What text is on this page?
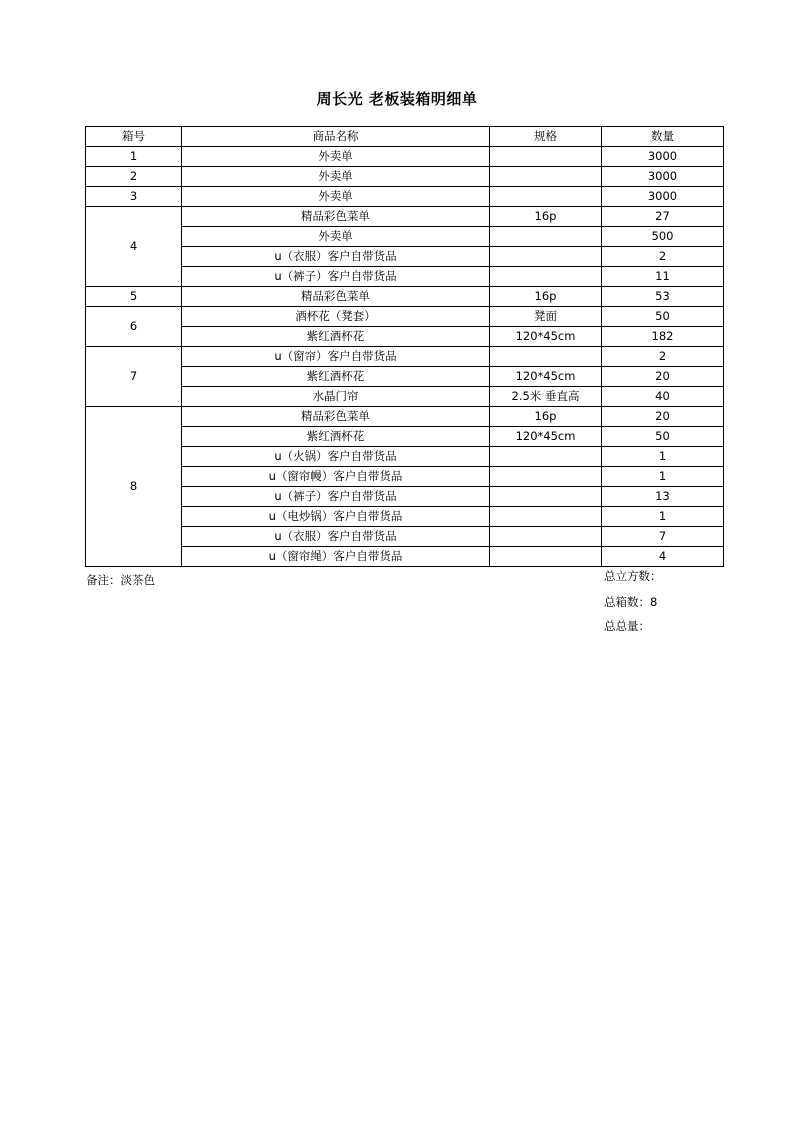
周长光 老板装箱明细单
箱号	商品名称	规格	数量
1	外卖单		3000
2	外卖单		3000
3	外卖单		3000
4	精品彩色菜单	16p	27
	外卖单		500
	u（衣服）客户自带货品		2
	u（裤子）客户自带货品		11
5	精品彩色菜单	16p	53
6	酒杯花（凳套）	凳面	50
	紫红酒杯花	120*45cm	182
7	u（窗帘）客户自带货品		2
	紫红酒杯花	120*45cm	20
	水晶门帘	2.5米 垂直高	40
8	精品彩色菜单	16p	20
	紫红酒杯花	120*45cm	50
	u（火锅）客户自带货品		1
	u（窗帘幔）客户自带货品		1
	u（裤子）客户自带货品		13
	u（电炒锅）客户自带货品		1
	u（衣服）客户自带货品		7
	u（窗帘绳）客户自带货品		4
备注：淡茶色	总立方数：
总箱数：8
总总量：
